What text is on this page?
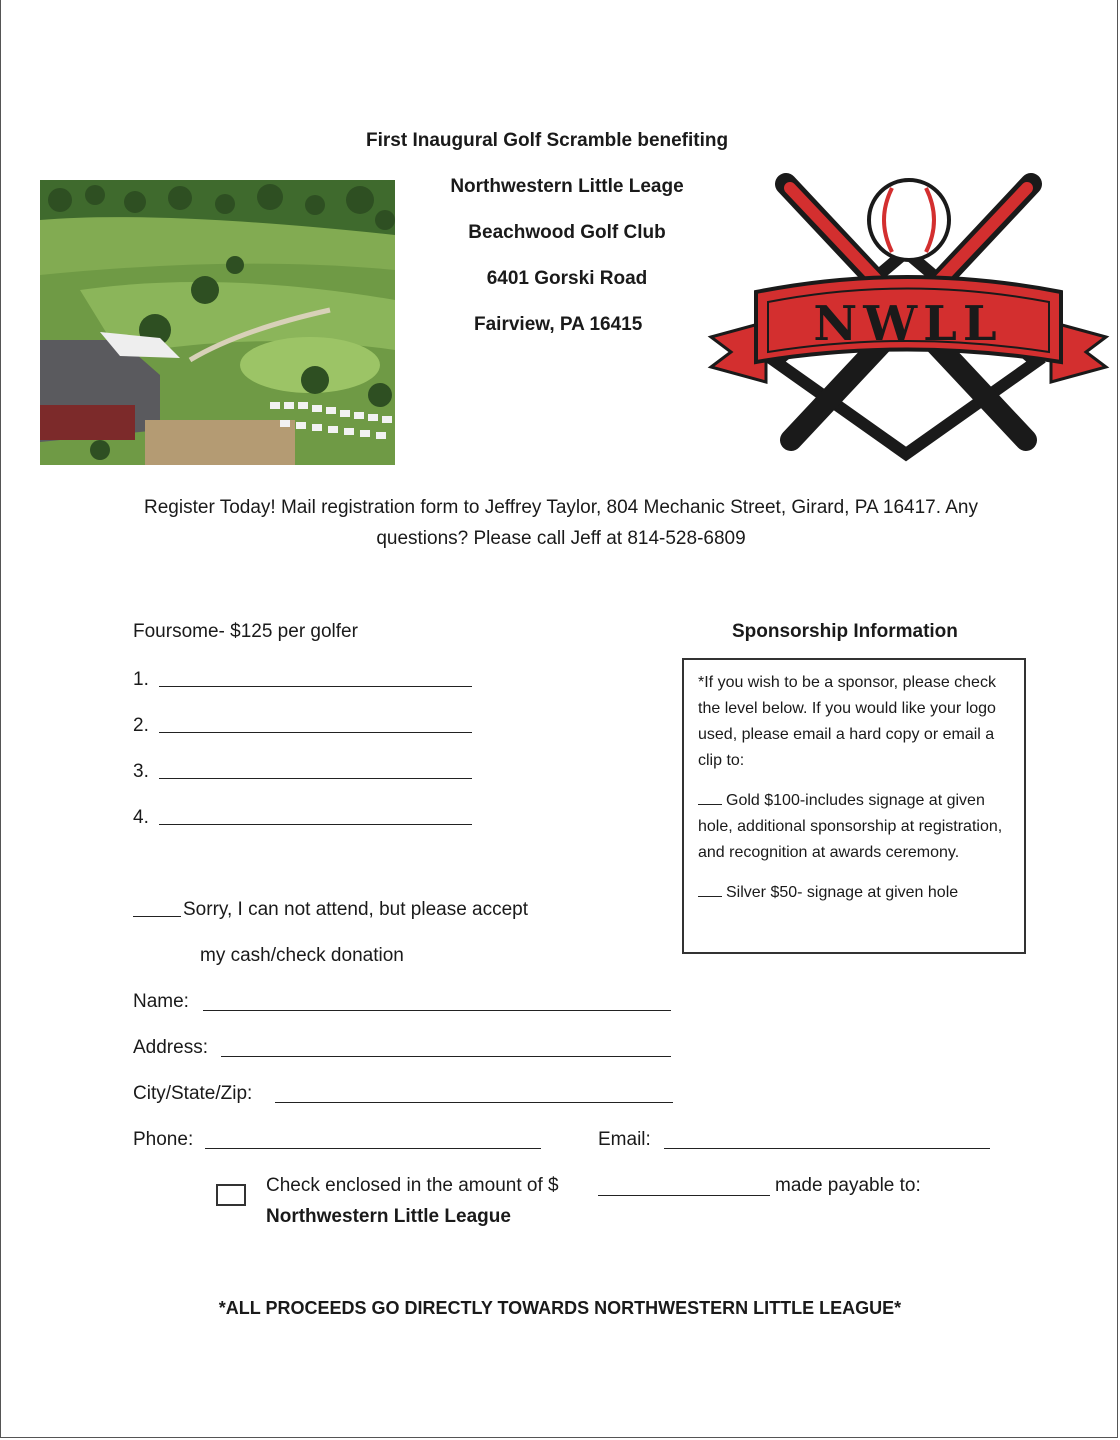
First Inaugural Golf Scramble benefiting
Northwestern Little Leage
Beachwood Golf Club
6401 Gorski Road
Fairview, PA 16415	NWLL
Register Today! Mail registration form to Jeffrey Taylor, 804 Mechanic Street, Girard, PA 16417. Any questions? Please call Jeff at 814-528-6809
Foursome- $125 per golfer
1.
2.
3.
4.
Sorry, I can not attend, but please accept
my cash/check donation
Sponsorship Information

*If you wish to be a sponsor, please check the level below. If you would like your logo used, please email a hard copy or email a clip to:

Gold $100-includes signage at given hole, additional sponsorship at registration, and recognition at awards ceremony.

Silver $50- signage at given hole

Name:
Address:
City/State/Zip:
Phone:	Email:
Check enclosed in the amount of $	made payable to:
Northwestern Little League
*ALL PROCEEDS GO DIRECTLY TOWARDS NORTHWESTERN LITTLE LEAGUE*
